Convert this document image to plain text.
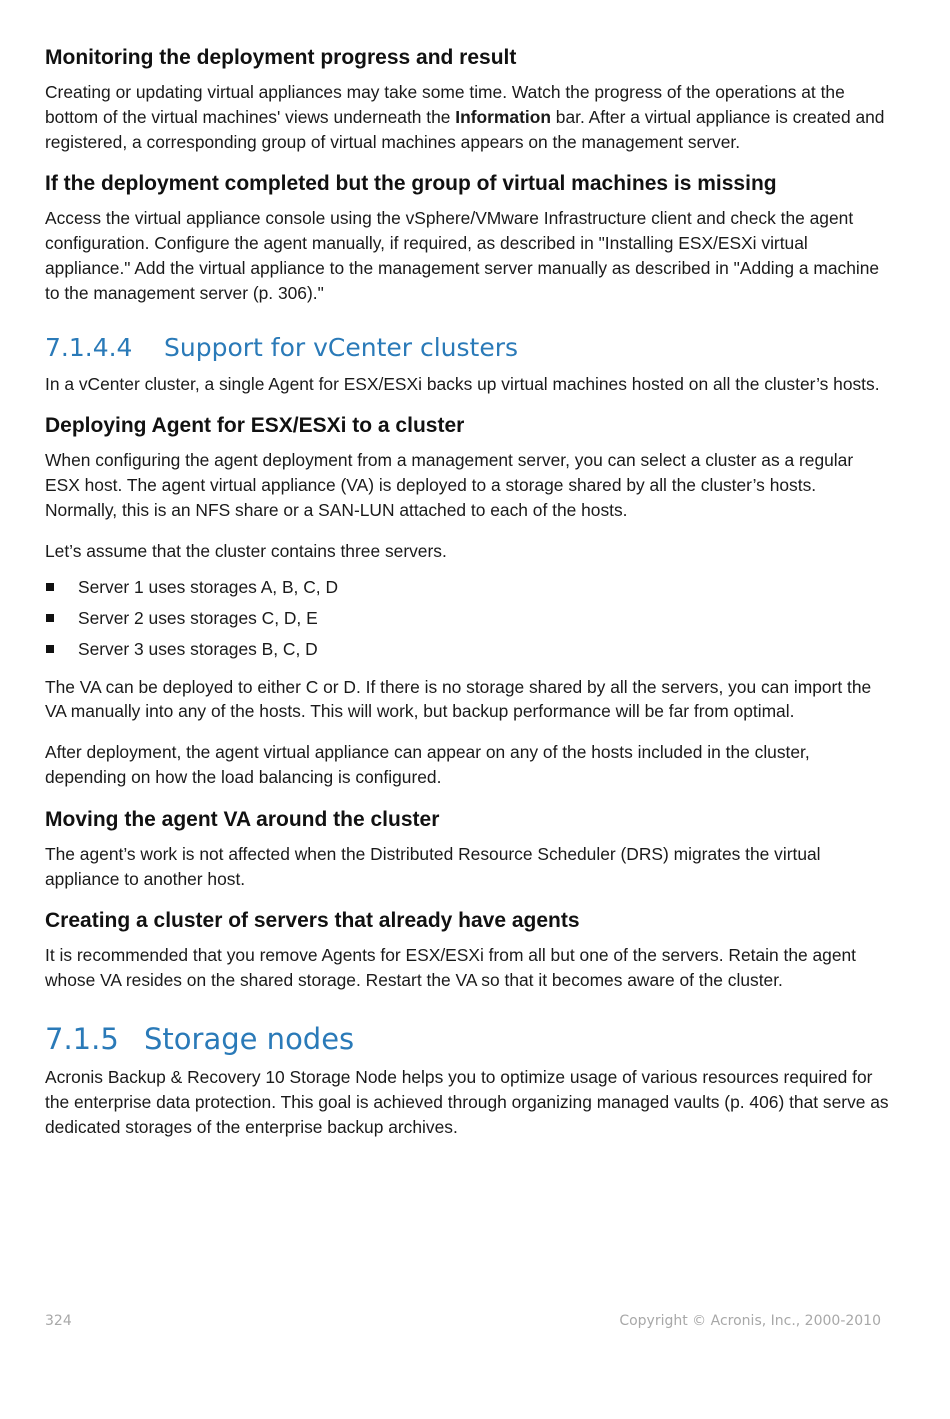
Monitoring the deployment progress and result

Creating or updating virtual appliances may take some time. Watch the progress of the operations at the bottom of the virtual machines' views underneath the Information bar. After a virtual appliance is created and registered, a corresponding group of virtual machines appears on the management server.

If the deployment completed but the group of virtual machines is missing

Access the virtual appliance console using the vSphere/VMware Infrastructure client and check the agent configuration. Configure the agent manually, if required, as described in "Installing ESX/ESXi virtual appliance." Add the virtual appliance to the management server manually as described in "Adding a machine to the management server (p. 306)."

7.1.4.4 Support for vCenter clusters

In a vCenter cluster, a single Agent for ESX/ESXi backs up virtual machines hosted on all the cluster’s hosts.

Deploying Agent for ESX/ESXi to a cluster

When configuring the agent deployment from a management server, you can select a cluster as a regular ESX host. The agent virtual appliance (VA) is deployed to a storage shared by all the cluster’s hosts. Normally, this is an NFS share or a SAN-LUN attached to each of the hosts.

Let’s assume that the cluster contains three servers.

Server 1 uses storages A, B, C, D
Server 2 uses storages C, D, E
Server 3 uses storages B, C, D

The VA can be deployed to either C or D. If there is no storage shared by all the servers, you can import the VA manually into any of the hosts. This will work, but backup performance will be far from optimal.

After deployment, the agent virtual appliance can appear on any of the hosts included in the cluster, depending on how the load balancing is configured.

Moving the agent VA around the cluster

The agent’s work is not affected when the Distributed Resource Scheduler (DRS) migrates the virtual appliance to another host.

Creating a cluster of servers that already have agents

It is recommended that you remove Agents for ESX/ESXi from all but one of the servers. Retain the agent whose VA resides on the shared storage. Restart the VA so that it becomes aware of the cluster.

7.1.5 Storage nodes

Acronis Backup & Recovery 10 Storage Node helps you to optimize usage of various resources required for the enterprise data protection. This goal is achieved through organizing managed vaults (p. 406) that serve as dedicated storages of the enterprise backup archives.

324	Copyright © Acronis, Inc., 2000-2010
